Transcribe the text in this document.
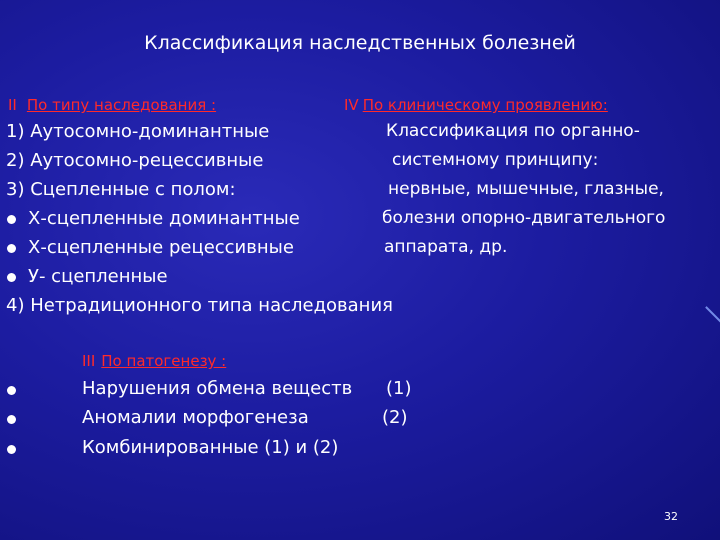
Классификация наследственных болезней
II По типу наследования :
1) Аутосомно-доминантные
2) Аутосомно-рецессивные
3) Сцепленные с полом:
Х-сцепленные доминантные
Х-сцепленные рецессивные
У- сцепленные
4) Нетрадиционного типа наследования
IV По клиническому проявлению:
Классификация по органно-
системному принципу:
нервные, мышечные, глазные,
болезни опорно-двигательного
аппарата, др.
III По патогенезу :
Нарушения обмена веществ (1)
Аномалии морфогенеза	(2)
Комбинированные (1) и (2)
32
